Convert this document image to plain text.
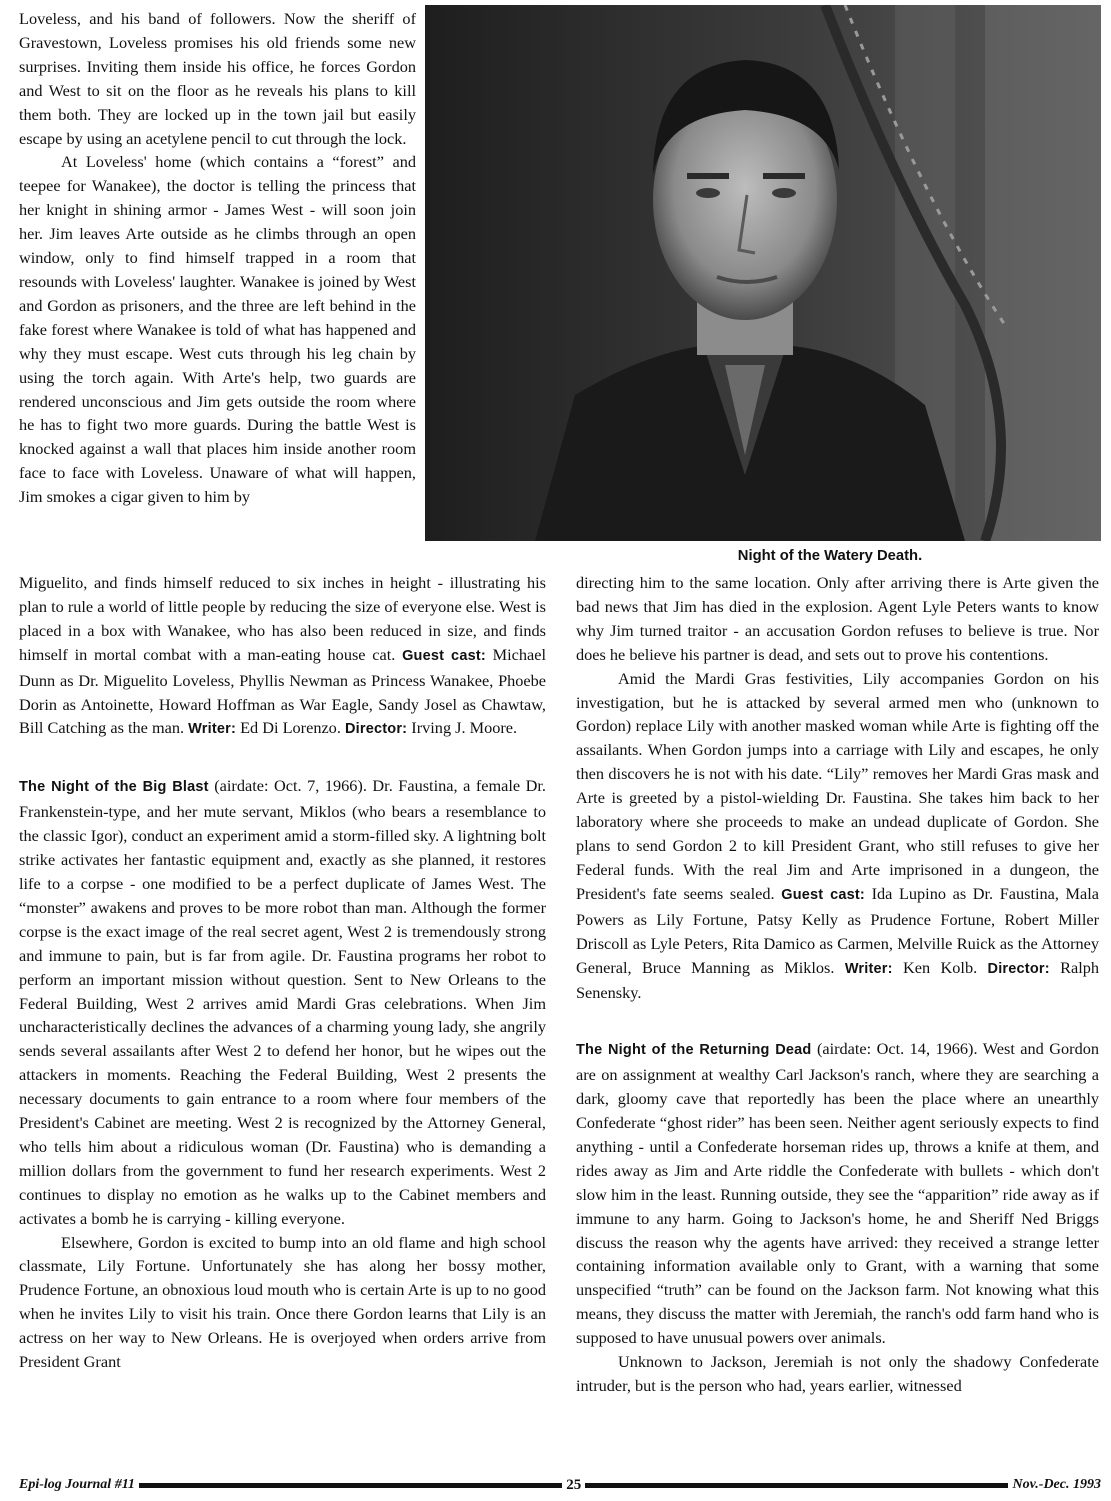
Loveless, and his band of followers. Now the sheriff of Gravestown, Loveless promises his old friends some new surprises. Inviting them inside his office, he forces Gordon and West to sit on the floor as he reveals his plans to kill them both. They are locked up in the town jail but easily escape by using an acetylene pencil to cut through the lock.

At Loveless' home (which contains a “forest” and teepee for Wanakee), the doctor is telling the princess that her knight in shining armor - James West - will soon join her. Jim leaves Arte outside as he climbs through an open window, only to find himself trapped in a room that resounds with Loveless' laughter. Wanakee is joined by West and Gordon as prisoners, and the three are left behind in the fake forest where Wanakee is told of what has happened and why they must escape. West cuts through his leg chain by using the torch again. With Arte's help, two guards are rendered unconscious and Jim gets outside the room where he has to fight two more guards. During the battle West is knocked against a wall that places him inside another room face to face with Loveless. Unaware of what will happen, Jim smokes a cigar given to him by

Night of the Watery Death.

Miguelito, and finds himself reduced to six inches in height - illustrating his plan to rule a world of little people by reducing the size of everyone else. West is placed in a box with Wanakee, who has also been reduced in size, and finds himself in mortal combat with a man-eating house cat. Guest cast: Michael Dunn as Dr. Miguelito Loveless, Phyllis Newman as Princess Wanakee, Phoebe Dorin as Antoinette, Howard Hoffman as War Eagle, Sandy Josel as Chawtaw, Bill Catching as the man. Writer: Ed Di Lorenzo. Director: Irving J. Moore.

The Night of the Big Blast (airdate: Oct. 7, 1966). Dr. Faustina, a female Dr. Frankenstein-type, and her mute servant, Miklos (who bears a resemblance to the classic Igor), conduct an experiment amid a storm-filled sky. A lightning bolt strike activates her fantastic equipment and, exactly as she planned, it restores life to a corpse - one modified to be a perfect duplicate of James West. The “monster” awakens and proves to be more robot than man. Although the former corpse is the exact image of the real secret agent, West 2 is tremendously strong and immune to pain, but is far from agile. Dr. Faustina programs her robot to perform an important mission without question. Sent to New Orleans to the Federal Building, West 2 arrives amid Mardi Gras celebrations. When Jim uncharacteristically declines the advances of a charming young lady, she angrily sends several assailants after West 2 to defend her honor, but he wipes out the attackers in moments. Reaching the Federal Building, West 2 presents the necessary documents to gain entrance to a room where four members of the President's Cabinet are meeting. West 2 is recognized by the Attorney General, who tells him about a ridiculous woman (Dr. Faustina) who is demanding a million dollars from the government to fund her research experiments. West 2 continues to display no emotion as he walks up to the Cabinet members and activates a bomb he is carrying - killing everyone.

Elsewhere, Gordon is excited to bump into an old flame and high school classmate, Lily Fortune. Unfortunately she has along her bossy mother, Prudence Fortune, an obnoxious loud mouth who is certain Arte is up to no good when he invites Lily to visit his train. Once there Gordon learns that Lily is an actress on her way to New Orleans. He is overjoyed when orders arrive from President Grant

directing him to the same location. Only after arriving there is Arte given the bad news that Jim has died in the explosion. Agent Lyle Peters wants to know why Jim turned traitor - an accusation Gordon refuses to believe is true. Nor does he believe his partner is dead, and sets out to prove his contentions.

Amid the Mardi Gras festivities, Lily accompanies Gordon on his investigation, but he is attacked by several armed men who (unknown to Gordon) replace Lily with another masked woman while Arte is fighting off the assailants. When Gordon jumps into a carriage with Lily and escapes, he only then discovers he is not with his date. “Lily” removes her Mardi Gras mask and Arte is greeted by a pistol-wielding Dr. Faustina. She takes him back to her laboratory where she proceeds to make an undead duplicate of Gordon. She plans to send Gordon 2 to kill President Grant, who still refuses to give her Federal funds. With the real Jim and Arte imprisoned in a dungeon, the President's fate seems sealed. Guest cast: Ida Lupino as Dr. Faustina, Mala Powers as Lily Fortune, Patsy Kelly as Prudence Fortune, Robert Miller Driscoll as Lyle Peters, Rita Damico as Carmen, Melville Ruick as the Attorney General, Bruce Manning as Miklos. Writer: Ken Kolb. Director: Ralph Senensky.

The Night of the Returning Dead (airdate: Oct. 14, 1966). West and Gordon are on assignment at wealthy Carl Jackson's ranch, where they are searching a dark, gloomy cave that reportedly has been the place where an unearthly Confederate “ghost rider” has been seen. Neither agent seriously expects to find anything - until a Confederate horseman rides up, throws a knife at them, and rides away as Jim and Arte riddle the Confederate with bullets - which don't slow him in the least. Running outside, they see the “apparition” ride away as if immune to any harm. Going to Jackson's home, he and Sheriff Ned Briggs discuss the reason why the agents have arrived: they received a strange letter containing information available only to Grant, with a warning that some unspecified “truth” can be found on the Jackson farm. Not knowing what this means, they discuss the matter with Jeremiah, the ranch's odd farm hand who is supposed to have unusual powers over animals.

Unknown to Jackson, Jeremiah is not only the shadowy Confederate intruder, but is the person who had, years earlier, witnessed

Epi-log Journal #11	25	Nov.-Dec. 1993
